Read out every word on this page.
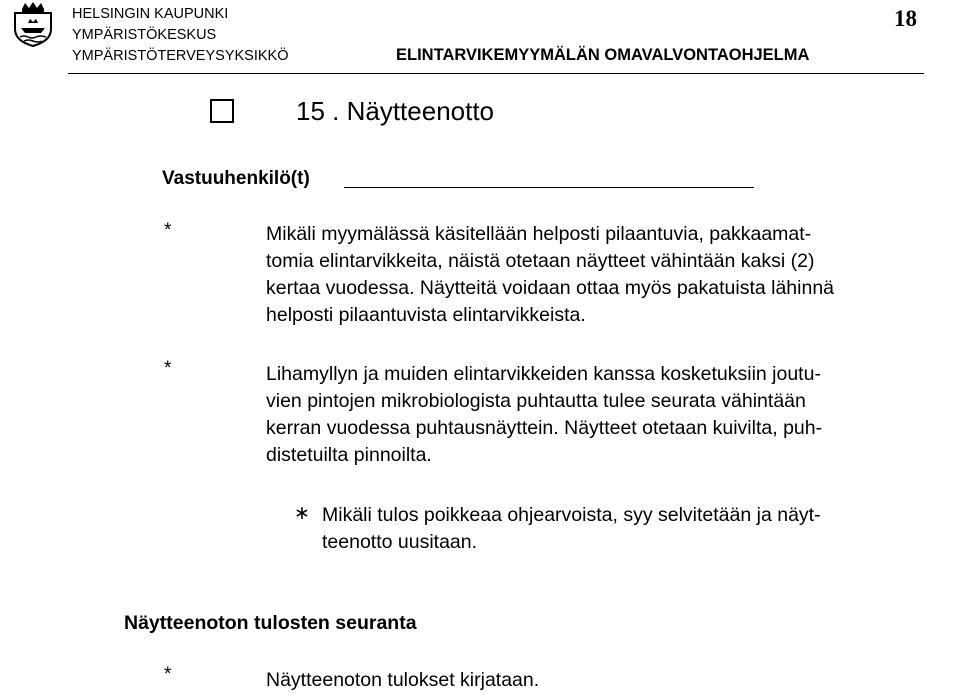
HELSINGIN KAUPUNKI
YMPÄRISTÖKESKUS
YMPÄRISTÖTERVEYSYKSIKKÖ
18
ELINTARVIKEMYYMÄLÄN OMAVALVONTAOHJELMA
15 . Näytteenotto
Vastuuhenkilö(t)
*	Mikäli myymälässä käsitellään helposti pilaantuvia, pakkaamat-
tomia elintarvikkeita, näistä otetaan näytteet vähintään kaksi (2)
kertaa vuodessa. Näytteitä voidaan ottaa myös pakatuista lähinnä
helposti pilaantuvista elintarvikkeista.
*	Lihamyllyn ja muiden elintarvikkeiden kanssa kosketuksiin joutu-
vien pintojen mikrobiologista puhtautta tulee seurata vähintään
kerran vuodessa puhtausnäyttein. Näytteet otetaan kuivilta, puh-
distetuilta pinnoilta.
∗ Mikäli tulos poikkeaa ohjearvoista, syy selvitetään ja näyt-
teenotto uusitaan.
Näytteenoton tulosten seuranta
*	Näytteenoton tulokset kirjataan.
